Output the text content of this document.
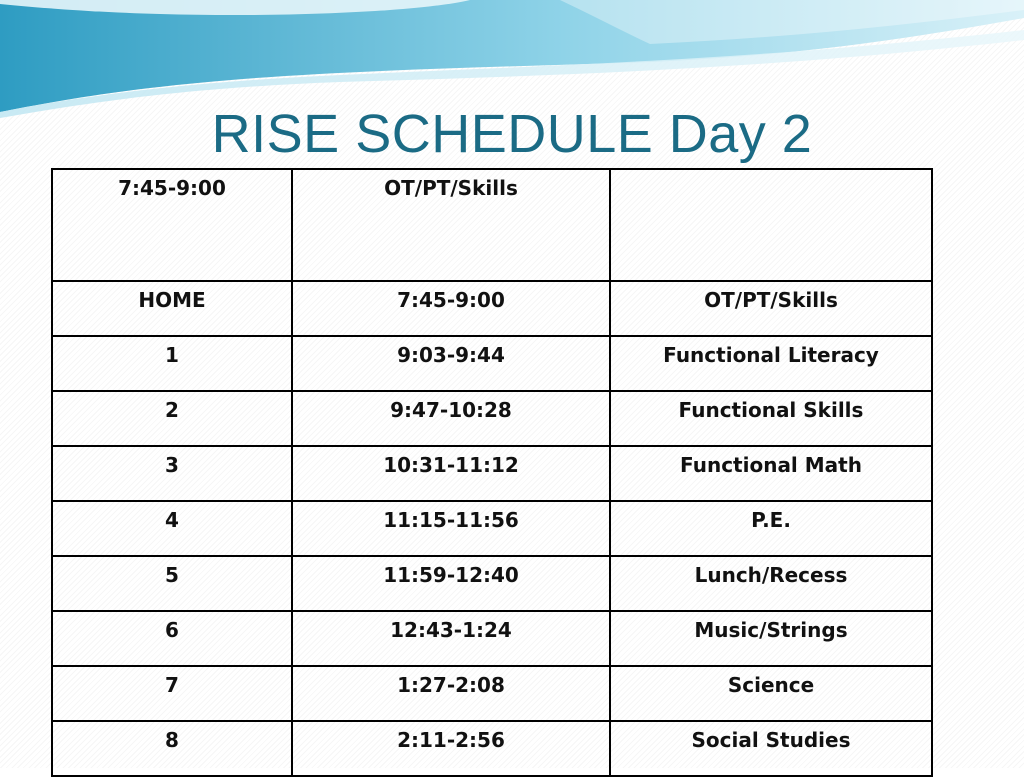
RISE SCHEDULE Day 2
7:45-9:00	OT/PT/Skills	
HOME	7:45-9:00	OT/PT/Skills
1	9:03-9:44	Functional Literacy
2	9:47-10:28	Functional Skills
3	10:31-11:12	Functional Math
4	11:15-11:56	P.E.
5	11:59-12:40	Lunch/Recess
6	12:43-1:24	Music/Strings
7	1:27-2:08	Science
8	2:11-2:56	Social Studies
